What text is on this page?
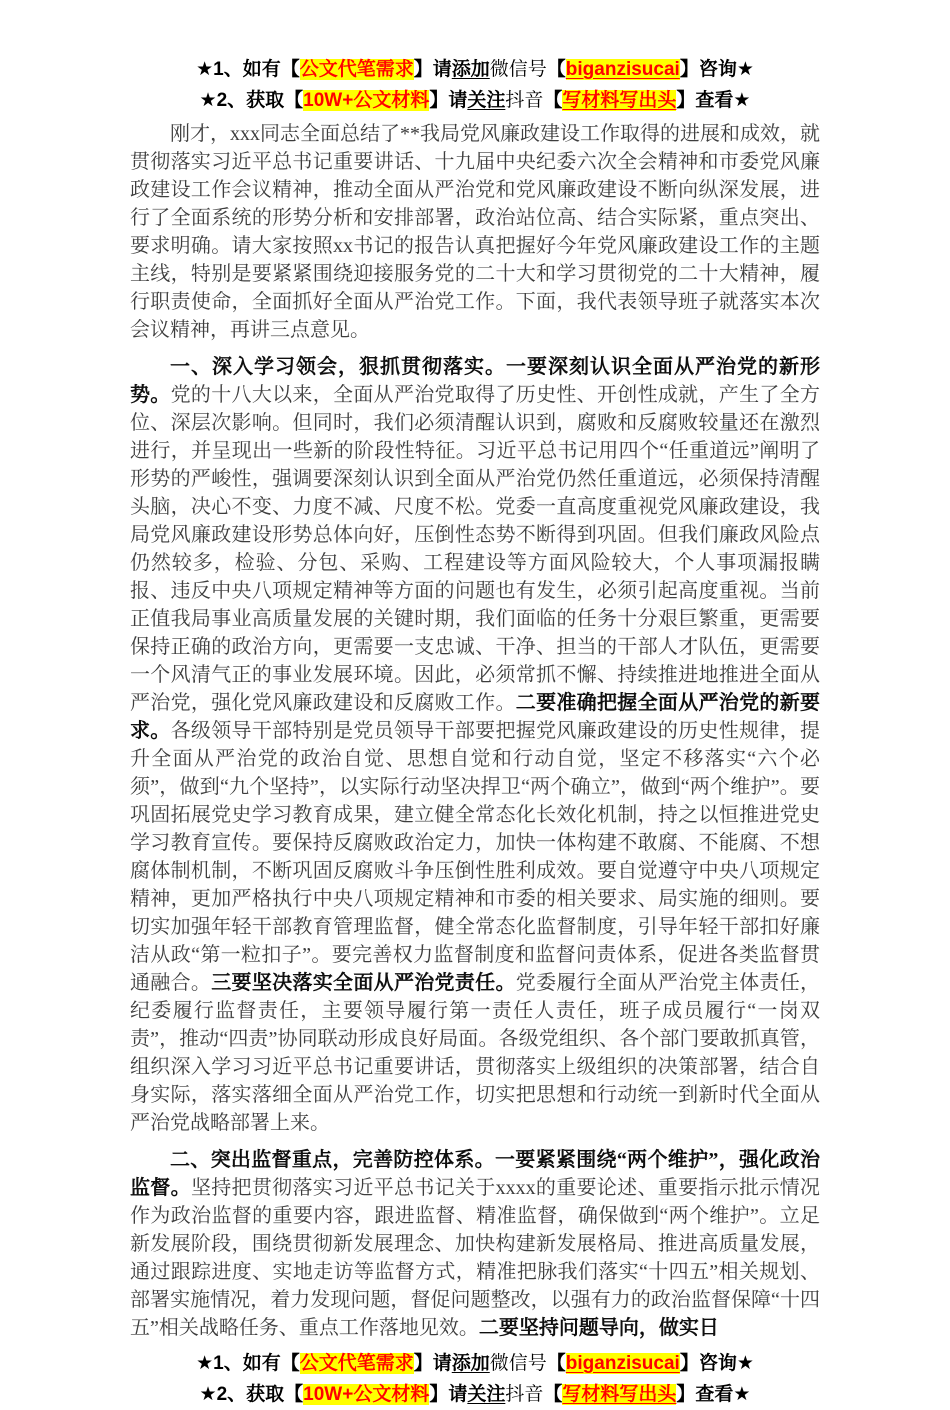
★1、如有【公文代笔需求】请添加微信号【biganzisucai】咨询★
★2、获取【10W+公文材料】请关注抖音【写材料写出头】查看★

刚才，xxx同志全面总结了**我局党风廉政建设工作取得的进展和成效，就贯彻落实习近平总书记重要讲话、十九届中央纪委六次全会精神和市委党风廉政建设工作会议精神，推动全面从严治党和党风廉政建设不断向纵深发展，进行了全面系统的形势分析和安排部署，政治站位高、结合实际紧，重点突出、要求明确。请大家按照xx书记的报告认真把握好今年党风廉政建设工作的主题主线，特别是要紧紧围绕迎接服务党的二十大和学习贯彻党的二十大精神，履行职责使命，全面抓好全面从严治党工作。下面，我代表领导班子就落实本次会议精神，再讲三点意见。

一、深入学习领会，狠抓贯彻落实。一要深刻认识全面从严治党的新形势。党的十八大以来，全面从严治党取得了历史性、开创性成就，产生了全方位、深层次影响。但同时，我们必须清醒认识到，腐败和反腐败较量还在激烈进行，并呈现出一些新的阶段性特征。习近平总书记用四个“任重道远”阐明了形势的严峻性，强调要深刻认识到全面从严治党仍然任重道远，必须保持清醒头脑，决心不变、力度不减、尺度不松。党委一直高度重视党风廉政建设，我局党风廉政建设形势总体向好，压倒性态势不断得到巩固。但我们廉政风险点仍然较多，检验、分包、采购、工程建设等方面风险较大，个人事项漏报瞒报、违反中央八项规定精神等方面的问题也有发生，必须引起高度重视。当前正值我局事业高质量发展的关键时期，我们面临的任务十分艰巨繁重，更需要保持正确的政治方向，更需要一支忠诚、干净、担当的干部人才队伍，更需要一个风清气正的事业发展环境。因此，必须常抓不懈、持续推进地推进全面从严治党，强化党风廉政建设和反腐败工作。二要准确把握全面从严治党的新要求。各级领导干部特别是党员领导干部要把握党风廉政建设的历史性规律，提升全面从严治党的政治自觉、思想自觉和行动自觉，坚定不移落实“六个必须”，做到“九个坚持”，以实际行动坚决捍卫“两个确立”，做到“两个维护”。要巩固拓展党史学习教育成果，建立健全常态化长效化机制，持之以恒推进党史学习教育宣传。要保持反腐败政治定力，加快一体构建不敢腐、不能腐、不想腐体制机制，不断巩固反腐败斗争压倒性胜利成效。要自觉遵守中央八项规定精神，更加严格执行中央八项规定精神和市委的相关要求、局实施的细则。要切实加强年轻干部教育管理监督，健全常态化监督制度，引导年轻干部扣好廉洁从政“第一粒扣子”。要完善权力监督制度和监督问责体系，促进各类监督贯通融合。三要坚决落实全面从严治党责任。党委履行全面从严治党主体责任，纪委履行监督责任，主要领导履行第一责任人责任，班子成员履行“一岗双责”，推动“四责”协同联动形成良好局面。各级党组织、各个部门要敢抓真管，组织深入学习习近平总书记重要讲话，贯彻落实上级组织的决策部署，结合自身实际，落实落细全面从严治党工作，切实把思想和行动统一到新时代全面从严治党战略部署上来。

二、突出监督重点，完善防控体系。一要紧紧围绕“两个维护”，强化政治监督。坚持把贯彻落实习近平总书记关于xxxx的重要论述、重要指示批示情况作为政治监督的重要内容，跟进监督、精准监督，确保做到“两个维护”。立足新发展阶段，围绕贯彻新发展理念、加快构建新发展格局、推进高质量发展，通过跟踪进度、实地走访等监督方式，精准把脉我们落实“十四五”相关规划、部署实施情况，着力发现问题，督促问题整改，以强有力的政治监督保障“十四五”相关战略任务、重点工作落地见效。二要坚持问题导向，做实日

★1、如有【公文代笔需求】请添加微信号【biganzisucai】咨询★
★2、获取【10W+公文材料】请关注抖音【写材料写出头】查看★
